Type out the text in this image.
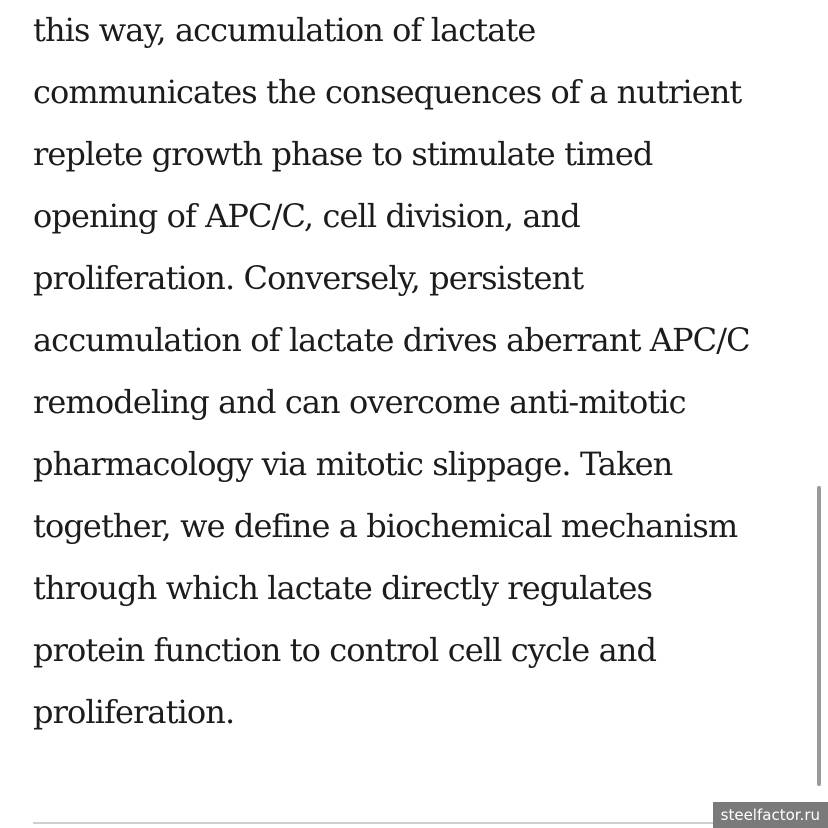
this way, accumulation of lactate
communicates the consequences of a nutrient
replete growth phase to stimulate timed
opening of APC/C, cell division, and
proliferation. Conversely, persistent
accumulation of lactate drives aberrant APC/C
remodeling and can overcome anti-mitotic
pharmacology via mitotic slippage. Taken
together, we define a biochemical mechanism
through which lactate directly regulates
protein function to control cell cycle and
proliferation.
steelfactor.ru
